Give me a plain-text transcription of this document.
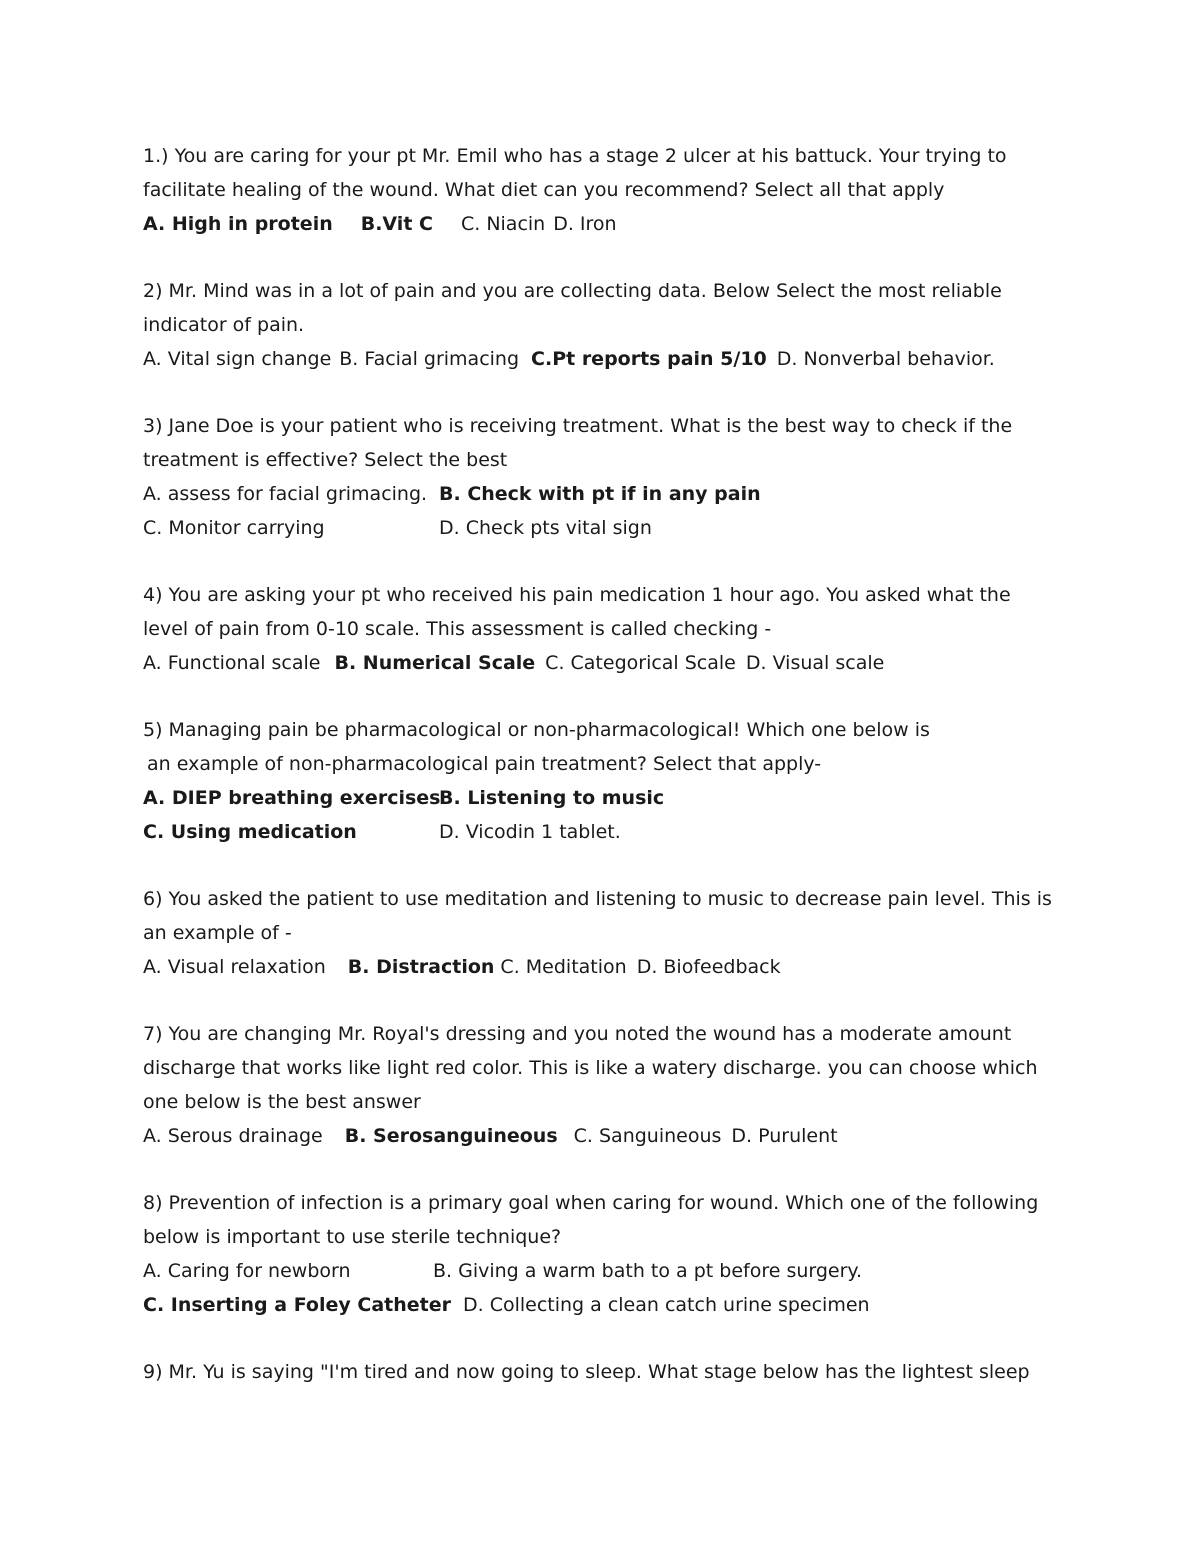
1.) You are caring for your pt Mr. Emil who has a stage 2 ulcer at his battuck. Your trying to
facilitate healing of the wound. What diet can you recommend? Select all that apply
A. High in protein B.Vit C C. Niacin D. Iron
2) Mr. Mind was in a lot of pain and you are collecting data. Below Select the most reliable
indicator of pain.
A. Vital sign change B. Facial grimacing C.Pt reports pain 5/10 D. Nonverbal behavior.
3) Jane Doe is your patient who is receiving treatment. What is the best way to check if the
treatment is effective? Select the best
A. assess for facial grimacing. B. Check with pt if in any pain
C. Monitor carrying	D. Check pts vital sign
4) You are asking your pt who received his pain medication 1 hour ago. You asked what the
level of pain from 0-10 scale. This assessment is called checking -
A. Functional scale B. Numerical Scale C. Categorical Scale D. Visual scale
5) Managing pain be pharmacological or non-pharmacological! Which one below is
an example of non-pharmacological pain treatment? Select that apply-
A. DIEP breathing exercisesB. Listening to music
C. Using medication	D. Vicodin 1 tablet.
6) You asked the patient to use meditation and listening to music to decrease pain level. This is
an example of -
A. Visual relaxation B. Distraction C. Meditation D. Biofeedback
7) You are changing Mr. Royal's dressing and you noted the wound has a moderate amount
discharge that works like light red color. This is like a watery discharge. you can choose which
one below is the best answer
A. Serous drainage B. Serosanguineous C. Sanguineous D. Purulent
8) Prevention of infection is a primary goal when caring for wound. Which one of the following
below is important to use sterile technique?
A. Caring for newborn	B. Giving a warm bath to a pt before surgery.
C. Inserting a Foley Catheter D. Collecting a clean catch urine specimen
9) Mr. Yu is saying "I'm tired and now going to sleep. What stage below has the lightest sleep
